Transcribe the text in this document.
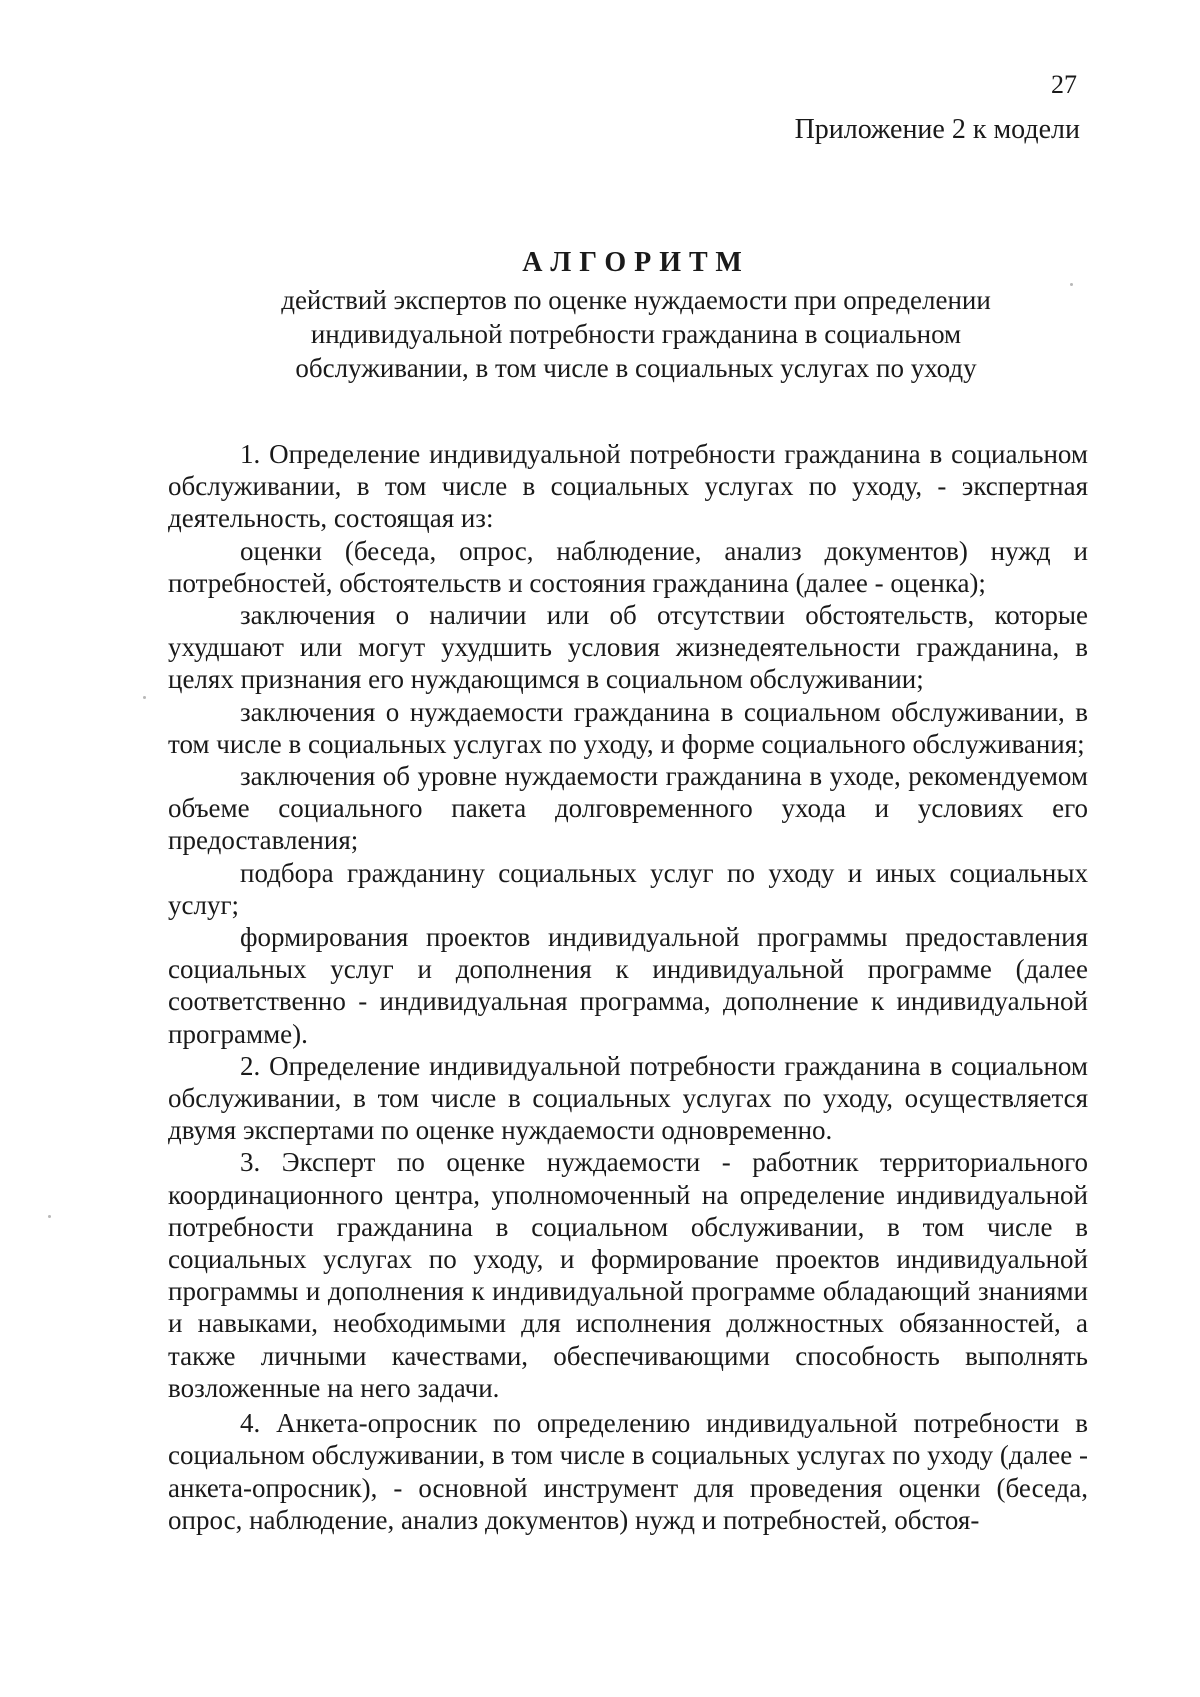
27
Приложение 2 к модели
АЛГОРИТМ
действий экспертов по оценке нуждаемости при определении
индивидуальной потребности гражданина в социальном
обслуживании, в том числе в социальных услугах по уходу

1. Определение индивидуальной потребности гражданина в социальном обслуживании, в том числе в социальных услугах по уходу, - экспертная деятельность, состоящая из:

оценки (беседа, опрос, наблюдение, анализ документов) нужд и потребностей, обстоятельств и состояния гражданина (далее - оценка);

заключения о наличии или об отсутствии обстоятельств, которые ухудшают или могут ухудшить условия жизнедеятельности гражданина, в целях признания его нуждающимся в социальном обслуживании;

заключения о нуждаемости гражданина в социальном обслуживании, в том числе в социальных услугах по уходу, и форме социального обслуживания;

заключения об уровне нуждаемости гражданина в уходе, рекомендуемом объеме социального пакета долговременного ухода и условиях его предоставления;

подбора гражданину социальных услуг по уходу и иных социальных услуг;

формирования проектов индивидуальной программы предоставления социальных услуг и дополнения к индивидуальной программе (далее соответственно - индивидуальная программа, дополнение к индивидуальной программе).

2. Определение индивидуальной потребности гражданина в социальном обслуживании, в том числе в социальных услугах по уходу, осуществляется двумя экспертами по оценке нуждаемости одновременно.

3. Эксперт по оценке нуждаемости - работник территориального координационного центра, уполномоченный на определение индивидуальной потребности гражданина в социальном обслуживании, в том числе в социальных услугах по уходу, и формирование проектов индивидуальной программы и дополнения к индивидуальной программе обладающий знаниями и навыками, необходимыми для исполнения должностных обязанностей, а также личными качествами, обеспечивающими способность выполнять возложенные на него задачи.

4. Анкета-опросник по определению индивидуальной потребности в социальном обслуживании, в том числе в социальных услугах по уходу (далее - анкета-опросник), - основной инструмент для проведения оценки (беседа, опрос, наблюдение, анализ документов) нужд и потребностей, обстоя-
